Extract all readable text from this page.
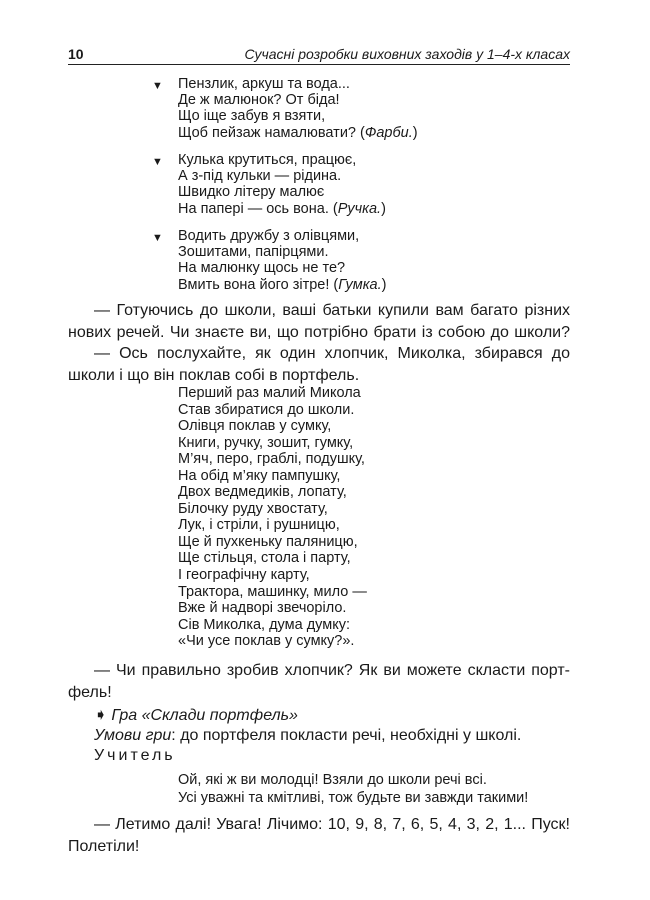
10	Сучасні розробки виховних заходів у 1–4-х класах
▼ Пензлик, аркуш та вода...
Де ж малюнок? От біда!
Що іще забув я взяти,
Щоб пейзаж намалювати? (Фарби.)
▼ Кулька крутиться, працює,
А з-під кульки — рідина.
Швидко літеру малює
На папері — ось вона. (Ручка.)
▼ Водить дружбу з олівцями,
Зошитами, папірцями.
На малюнку щось не те?
Вмить вона його зітре! (Гумка.)
— Готуючись до школи, ваші батьки купили вам багато різних
нових речей. Чи знаєте ви, що потрібно брати із собою до школи?
— Ось послухайте, як один хлопчик, Миколка, збирався до
школи і що він поклав собі в портфель.
Перший раз малий Микола
Став збиратися до школи.
Олівця поклав у сумку,
Книги, ручку, зошит, гумку,
М’яч, перо, граблі, подушку,
На обід м’яку пампушку,
Двох ведмедиків, лопату,
Білочку руду хвостату,
Лук, і стріли, і рушницю,
Ще й пухкеньку паляницю,
Ще стільця, стола і парту,
І географічну карту,
Трактора, машинку, мило —
Вже й надворі звечоріло.
Сів Миколка, дума думку:
«Чи усе поклав у сумку?».
— Чи правильно зробив хлопчик? Як ви можете скласти порт-
фель!
➧ Гра «Склади портфель»
Умови гри: до портфеля покласти речі, необхідні у школі.
Учитель
Ой, які ж ви молодці! Взяли до школи речі всі.
Усі уважні та кмітливі, тож будьте ви завжди такими!
— Летимо далі! Увага! Лічимо: 10, 9, 8, 7, 6, 5, 4, 3, 2, 1... Пуск!
Полетіли!
